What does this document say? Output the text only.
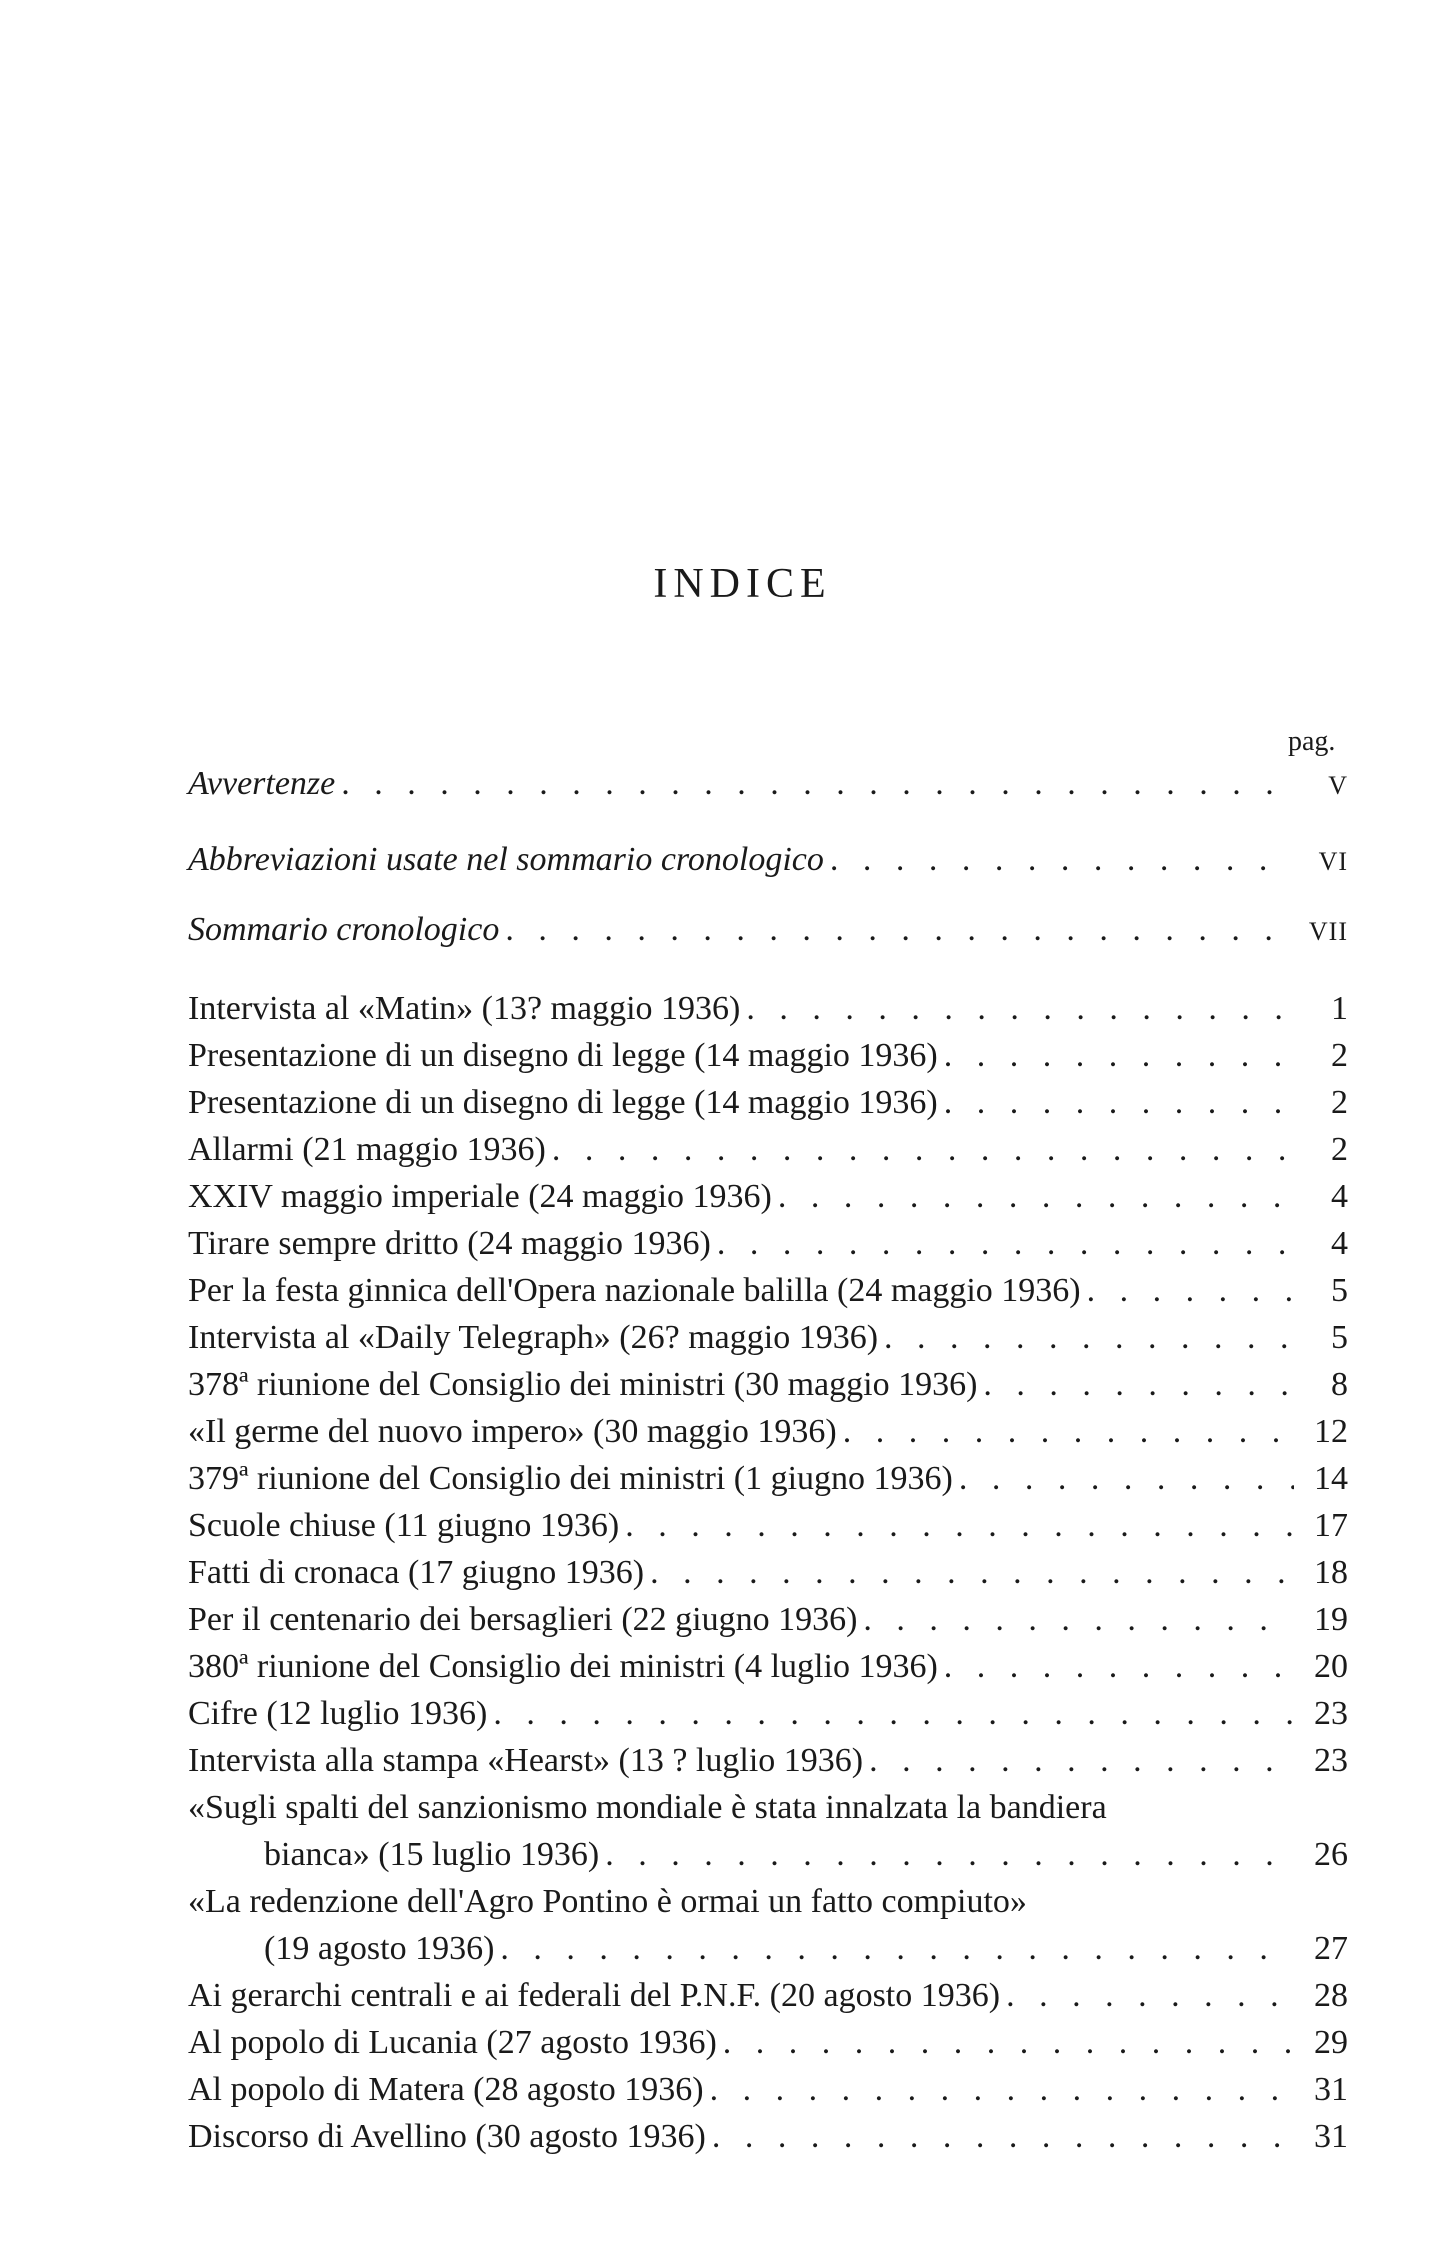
INDICE
pag.
Avvertenze . . .	V
Abbreviazioni usate nel sommario cronologico . . .	VI
Sommario cronologico . . .	VII
Intervista al «Matin» (13? maggio 1936) . . .	1
Presentazione di un disegno di legge (14 maggio 1936) . . .	2
Presentazione di un disegno di legge (14 maggio 1936) . . .	2
Allarmi (21 maggio 1936) . . .	2
XXIV maggio imperiale (24 maggio 1936) . . .	4
Tirare sempre dritto (24 maggio 1936) . . .	4
Per la festa ginnica dell'Opera nazionale balilla (24 maggio 1936) . . .	5
Intervista al «Daily Telegraph» (26? maggio 1936) . . .	5
378ª riunione del Consiglio dei ministri (30 maggio 1936) . . .	8
«Il germe del nuovo impero» (30 maggio 1936) . . .	12
379ª riunione del Consiglio dei ministri (1 giugno 1936) . . .	14
Scuole chiuse (11 giugno 1936) . . .	17
Fatti di cronaca (17 giugno 1936) . . .	18
Per il centenario dei bersaglieri (22 giugno 1936) . . .	19
380ª riunione del Consiglio dei ministri (4 luglio 1936) . . .	20
Cifre (12 luglio 1936) . . .	23
Intervista alla stampa «Hearst» (13 ? luglio 1936) . . .	23
«Sugli spalti del sanzionismo mondiale è stata innalzata la bandiera
bianca» (15 luglio 1936) . . .	26
«La redenzione dell'Agro Pontino è ormai un fatto compiuto»
(19 agosto 1936) . . .	27
Ai gerarchi centrali e ai federali del P.N.F. (20 agosto 1936) . . .	28
Al popolo di Lucania (27 agosto 1936) . . .	29
Al popolo di Matera (28 agosto 1936) . . .	31
Discorso di Avellino (30 agosto 1936) . . .	31
